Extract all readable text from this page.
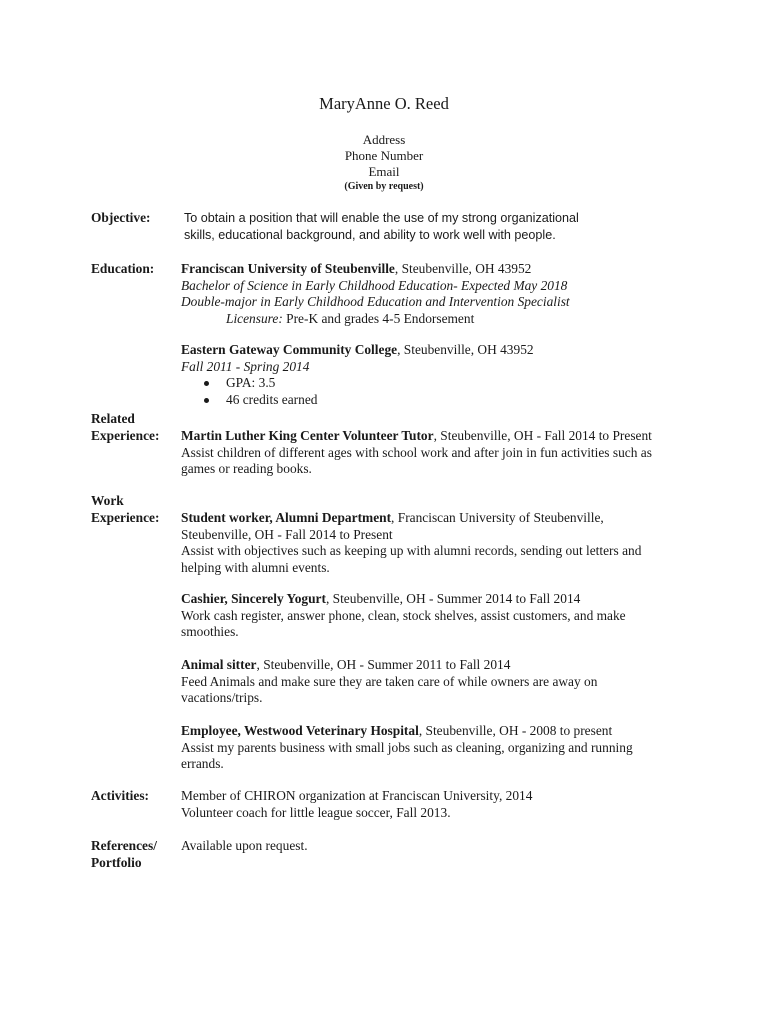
MaryAnne O. Reed
Address
Phone Number
Email
(Given by request)
Objective:	To obtain a position that will enable the use of my strong organizational

skills, educational background, and ability to work well with people.

Education: Franciscan University of Steubenville, Steubenville, OH 43952

Bachelor of Science in Early Childhood Education- Expected May 2018

Double-major in Early Childhood Education and Intervention Specialist

Licensure: Pre-K and grades 4-5 Endorsement

Eastern Gateway Community College, Steubenville, OH 43952

Fall 2011 - Spring 2014

GPA: 3.5
46 credits earned
Related
Experience: Martin Luther King Center Volunteer Tutor, Steubenville, OH - Fall 2014 to Present

Assist children of different ages with school work and after join in fun activities such as

games or reading books.

Work
Experience: Student worker, Alumni Department, Franciscan University of Steubenville,

Steubenville, OH - Fall 2014 to Present

Assist with objectives such as keeping up with alumni records, sending out letters and

helping with alumni events.

Cashier, Sincerely Yogurt, Steubenville, OH - Summer 2014 to Fall 2014

Work cash register, answer phone, clean, stock shelves, assist customers, and make

smoothies.

Animal sitter, Steubenville, OH - Summer 2011 to Fall 2014

Feed Animals and make sure they are taken care of while owners are away on

vacations/trips.

Employee, Westwood Veterinary Hospital, Steubenville, OH - 2008 to present

Assist my parents business with small jobs such as cleaning, organizing and running

errands.

Activities: Member of CHIRON organization at Franciscan University, 2014

Volunteer coach for little league soccer, Fall 2013.

References/
Portfolio

Available upon request.
